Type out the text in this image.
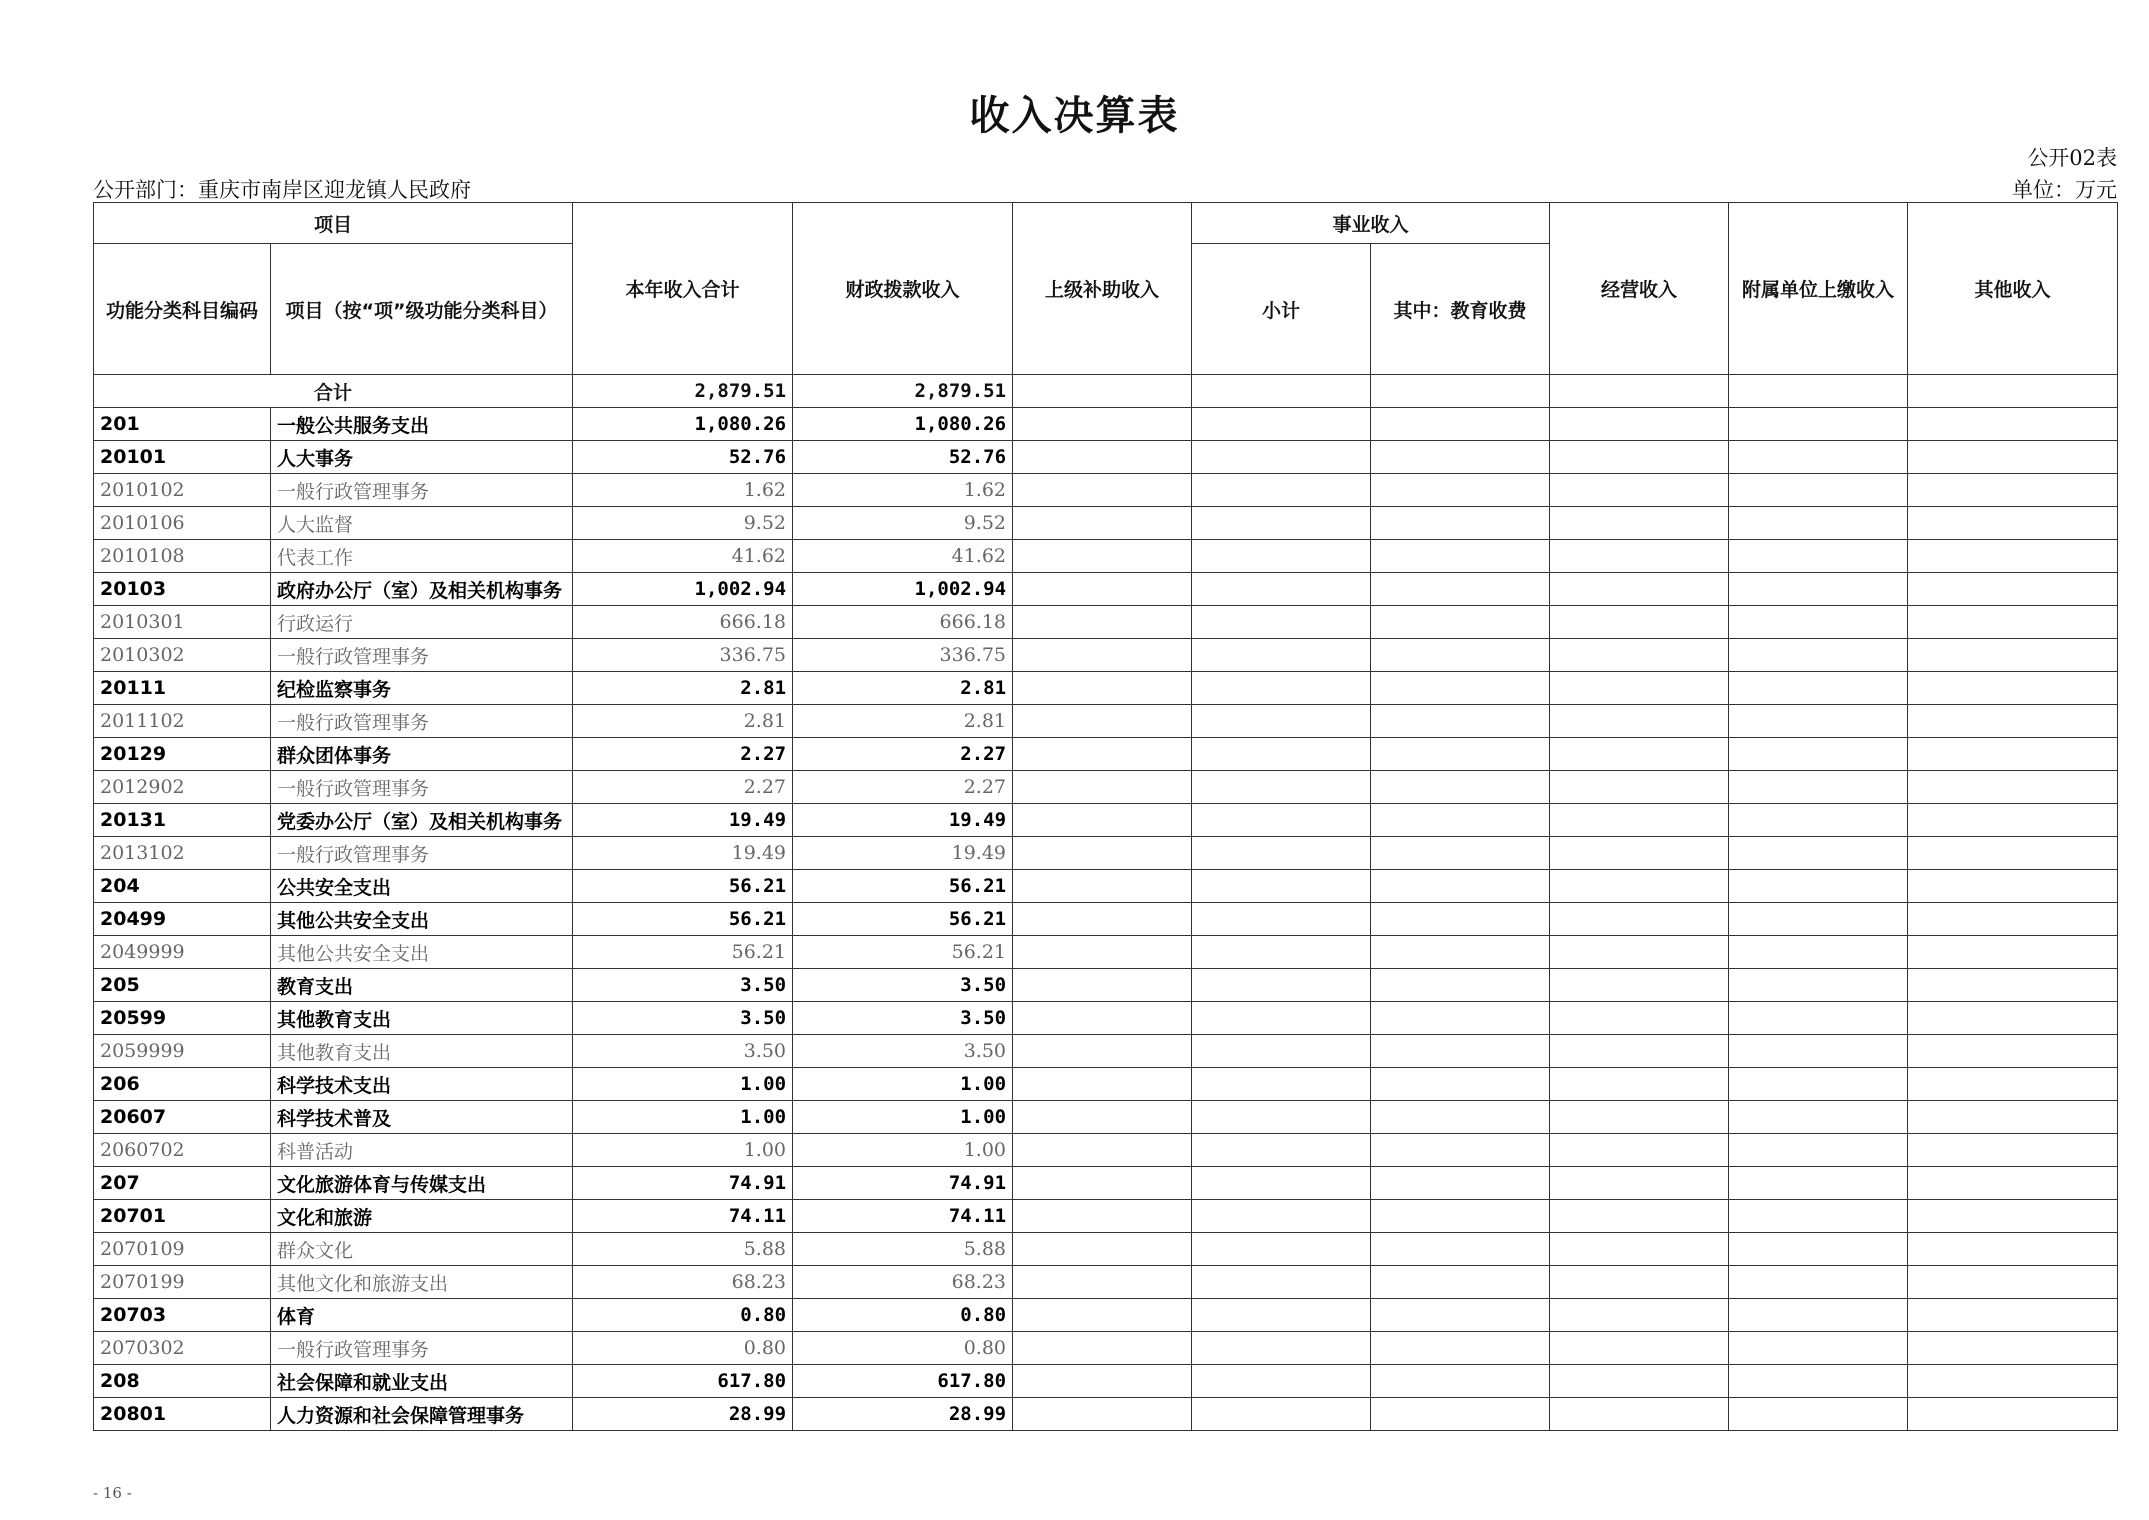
收入决算表
公开02表
公开部门：重庆市南岸区迎龙镇人民政府	单位：万元
项目		本年收入合计	财政拨款收入	上级补助收入	事业收入		经营收入	附属单位上缴收入	其他收入
功能分类科目编码	项目（按“项”级功能分类科目）				小计	其中：教育收费			
合计		2,879.51	2,879.51						
201	一般公共服务支出	1,080.26	1,080.26						
20101	人大事务	52.76	52.76						
2010102	一般行政管理事务	1.62	1.62						
2010106	人大监督	9.52	9.52						
2010108	代表工作	41.62	41.62						
20103	政府办公厅（室）及相关机构事务	1,002.94	1,002.94						
2010301	行政运行	666.18	666.18						
2010302	一般行政管理事务	336.75	336.75						
20111	纪检监察事务	2.81	2.81						
2011102	一般行政管理事务	2.81	2.81						
20129	群众团体事务	2.27	2.27						
2012902	一般行政管理事务	2.27	2.27						
20131	党委办公厅（室）及相关机构事务	19.49	19.49						
2013102	一般行政管理事务	19.49	19.49						
204	公共安全支出	56.21	56.21						
20499	其他公共安全支出	56.21	56.21						
2049999	其他公共安全支出	56.21	56.21						
205	教育支出	3.50	3.50						
20599	其他教育支出	3.50	3.50						
2059999	其他教育支出	3.50	3.50						
206	科学技术支出	1.00	1.00						
20607	科学技术普及	1.00	1.00						
2060702	科普活动	1.00	1.00						
207	文化旅游体育与传媒支出	74.91	74.91						
20701	文化和旅游	74.11	74.11						
2070109	群众文化	5.88	5.88						
2070199	其他文化和旅游支出	68.23	68.23						
20703	体育	0.80	0.80						
2070302	一般行政管理事务	0.80	0.80						
208	社会保障和就业支出	617.80	617.80						
20801	人力资源和社会保障管理事务	28.99	28.99						
- 16 -
